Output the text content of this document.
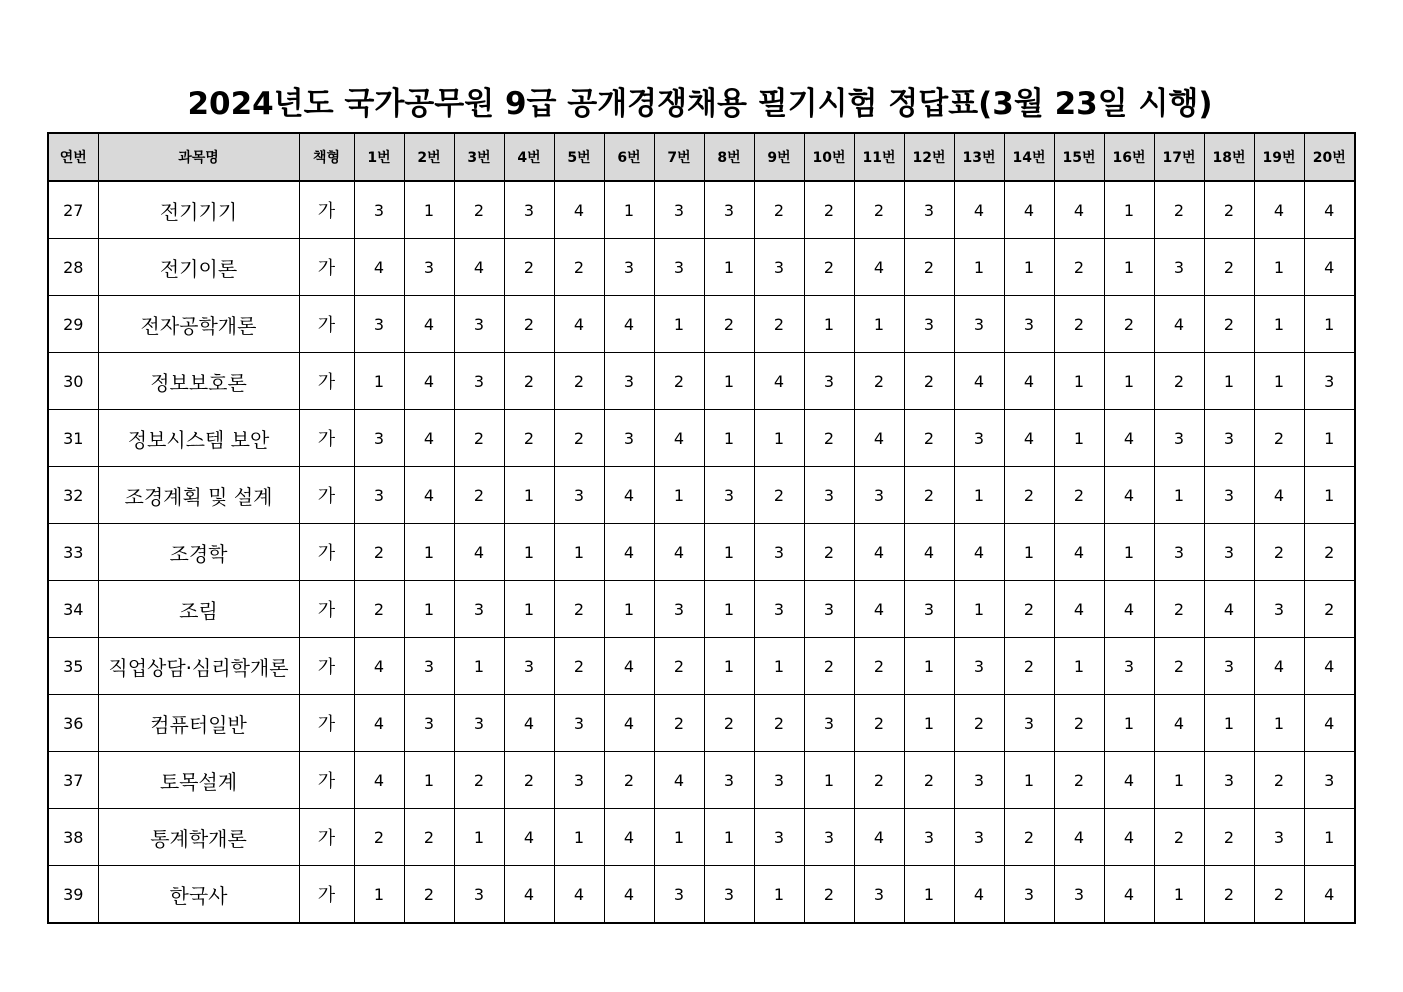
2024년도 국가공무원 9급 공개경쟁채용 필기시험 정답표(3월 23일 시행)
연번	과목명	책형	1번	2번	3번	4번	5번	6번	7번	8번	9번	10번	11번	12번	13번	14번	15번	16번	17번	18번	19번	20번
27	전기기기	가	3	1	2	3	4	1	3	3	2	2	2	3	4	4	4	1	2	2	4	4
28	전기이론	가	4	3	4	2	2	3	3	1	3	2	4	2	1	1	2	1	3	2	1	4
29	전자공학개론	가	3	4	3	2	4	4	1	2	2	1	1	3	3	3	2	2	4	2	1	1
30	정보보호론	가	1	4	3	2	2	3	2	1	4	3	2	2	4	4	1	1	2	1	1	3
31	정보시스템 보안	가	3	4	2	2	2	3	4	1	1	2	4	2	3	4	1	4	3	3	2	1
32	조경계획 및 설계	가	3	4	2	1	3	4	1	3	2	3	3	2	1	2	2	4	1	3	4	1
33	조경학	가	2	1	4	1	1	4	4	1	3	2	4	4	4	1	4	1	3	3	2	2
34	조림	가	2	1	3	1	2	1	3	1	3	3	4	3	1	2	4	4	2	4	3	2
35	직업상담·심리학개론	가	4	3	1	3	2	4	2	1	1	2	2	1	3	2	1	3	2	3	4	4
36	컴퓨터일반	가	4	3	3	4	3	4	2	2	2	3	2	1	2	3	2	1	4	1	1	4
37	토목설계	가	4	1	2	2	3	2	4	3	3	1	2	2	3	1	2	4	1	3	2	3
38	통계학개론	가	2	2	1	4	1	4	1	1	3	3	4	3	3	2	4	4	2	2	3	1
39	한국사	가	1	2	3	4	4	4	3	3	1	2	3	1	4	3	3	4	1	2	2	4
